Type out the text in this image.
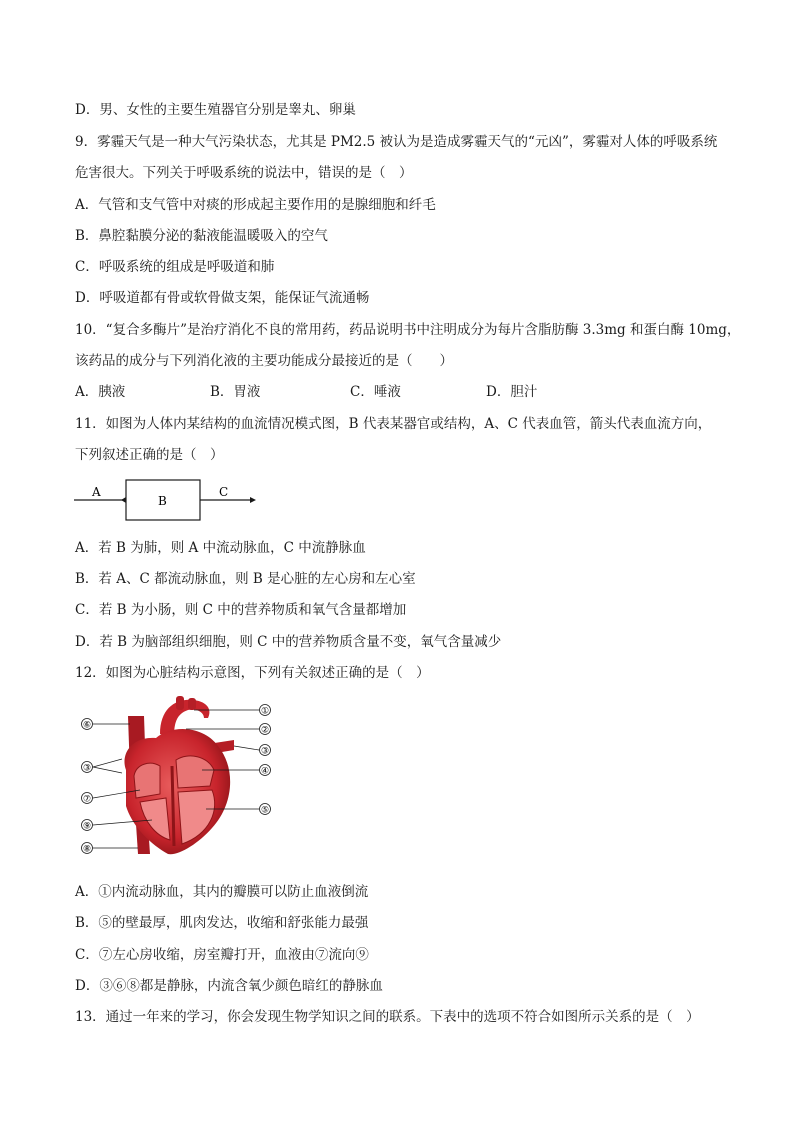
D．男、女性的主要生殖器官分别是睾丸、卵巢
9．雾霾天气是一种大气污染状态，尤其是 PM2.5 被认为是造成雾霾天气的“元凶”，雾霾对人体的呼吸系统
危害很大。下列关于呼吸系统的说法中，错误的是（　）
A．气管和支气管中对痰的形成起主要作用的是腺细胞和纤毛
B．鼻腔黏膜分泌的黏液能温暖吸入的空气
C．呼吸系统的组成是呼吸道和肺
D．呼吸道都有骨或软骨做支架，能保证气流通畅
10．“复合多酶片”是治疗消化不良的常用药，药品说明书中注明成分为每片含脂肪酶 3.3mg 和蛋白酶 10mg，
该药品的成分与下列消化液的主要功能成分最接近的是（　　）
A．胰液	B．胃液	C．唾液	D．胆汁
11．如图为人体内某结构的血流情况模式图，B 代表某器官或结构，A、C 代表血管，箭头代表血流方向，
下列叙述正确的是（　）
A
B
C
A．若 B 为肺，则 A 中流动脉血，C 中流静脉血
B．若 A、C 都流动脉血，则 B 是心脏的左心房和左心室
C．若 B 为小肠，则 C 中的营养物质和氧气含量都增加
D．若 B 为脑部组织细胞，则 C 中的营养物质含量不变，氧气含量减少
12．如图为心脏结构示意图，下列有关叙述正确的是（　）
⑥
③
⑦
⑨
⑧
①
②
③
④
⑤
A．①内流动脉血，其内的瓣膜可以防止血液倒流
B．⑤的壁最厚，肌肉发达，收缩和舒张能力最强
C．⑦左心房收缩，房室瓣打开，血液由⑦流向⑨
D．③⑥⑧都是静脉，内流含氧少颜色暗红的静脉血
13．通过一年来的学习，你会发现生物学知识之间的联系。下表中的选项不符合如图所示关系的是（　）
